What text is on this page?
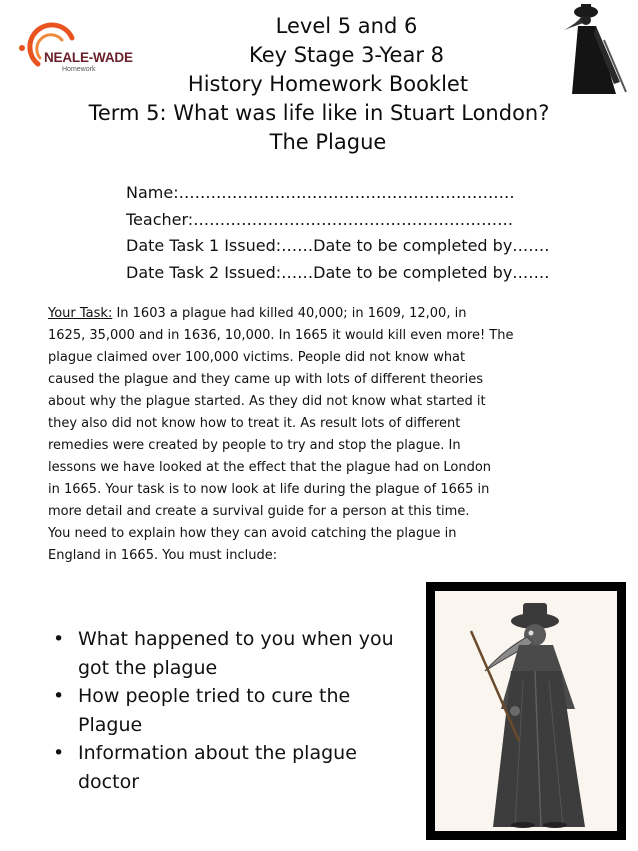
NEALE-WADE
Homework
Level 5 and 6
Key Stage 3-Year 8
History Homework Booklet
Term 5: What was life like in Stuart London?
The Plague
Name:………………………………………………………
Teacher:……………………………………………………
Date Task 1 Issued:……Date to be completed by…….
Date Task 2 Issued:……Date to be completed by…….
Your Task: In 1603 a plague had killed 40,000; in 1609, 12,00, in
1625, 35,000 and in 1636, 10,000. In 1665 it would kill even more! The
plague claimed over 100,000 victims. People did not know what
caused the plague and they came up with lots of different theories
about why the plague started. As they did not know what started it
they also did not know how to treat it. As result lots of different
remedies were created by people to try and stop the plague. In
lessons we have looked at the effect that the plague had on London
in 1665. Your task is to now look at life during the plague of 1665 in
more detail and create a survival guide for a person at this time.
You need to explain how they can avoid catching the plague in
England in 1665. You must include:
• What happened to you when you
got the plague
• How people tried to cure the
Plague
• Information about the plague
doctor
